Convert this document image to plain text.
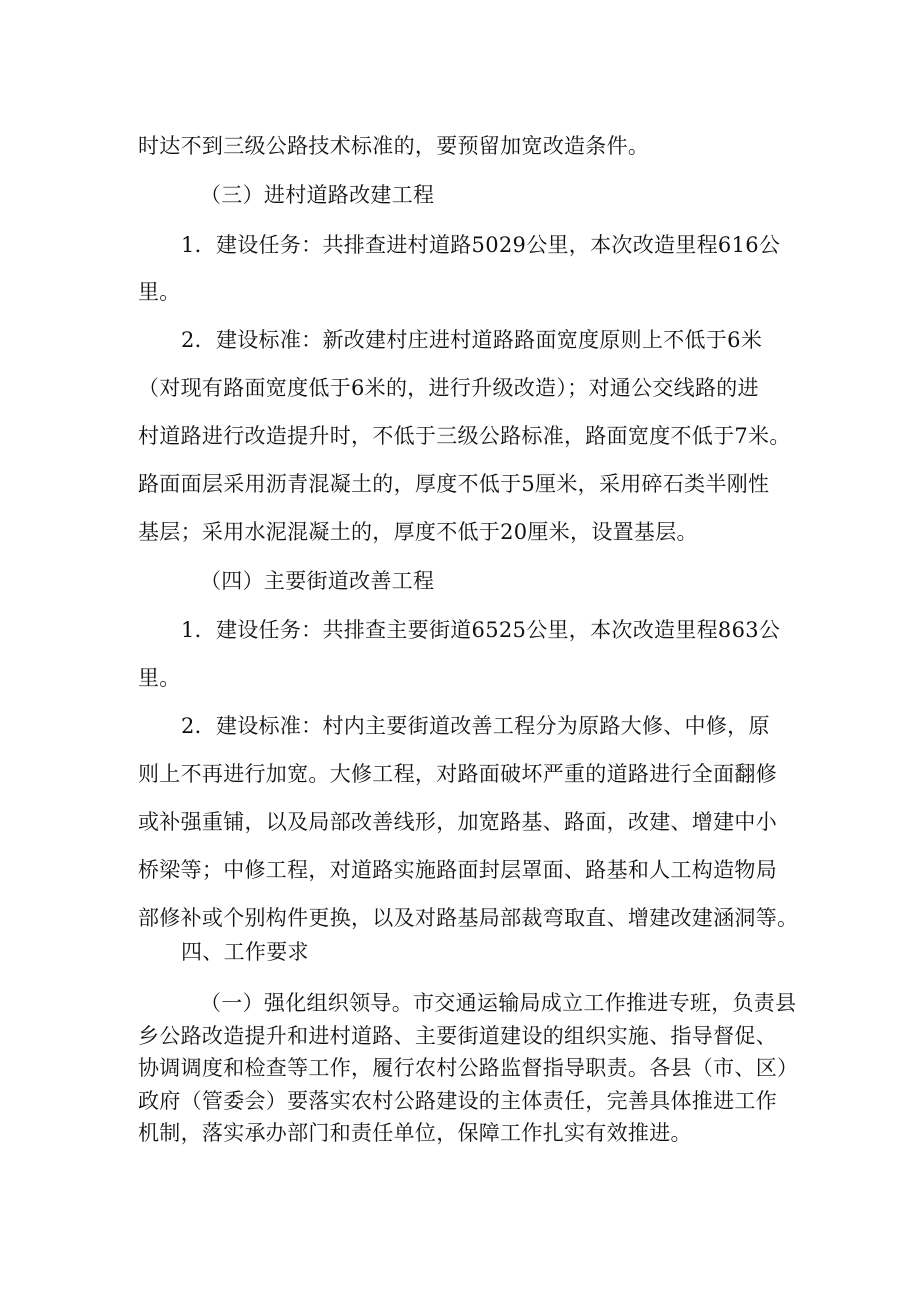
时达不到三级公路技术标准的，要预留加宽改造条件。
（三）进村道路改建工程
1．建设任务：共排查进村道路5029公里，本次改造里程616公
里。
2．建设标准：新改建村庄进村道路路面宽度原则上不低于6米
（对现有路面宽度低于6米的，进行升级改造）；对通公交线路的进
村道路进行改造提升时，不低于三级公路标准，路面宽度不低于7米。
路面面层采用沥青混凝土的，厚度不低于5厘米，采用碎石类半刚性
基层；采用水泥混凝土的，厚度不低于20厘米，设置基层。
（四）主要街道改善工程
1．建设任务：共排查主要街道6525公里，本次改造里程863公
里。
2．建设标准：村内主要街道改善工程分为原路大修、中修，原
则上不再进行加宽。大修工程，对路面破坏严重的道路进行全面翻修
或补强重铺，以及局部改善线形，加宽路基、路面，改建、增建中小
桥梁等；中修工程，对道路实施路面封层罩面、路基和人工构造物局
部修补或个别构件更换，以及对路基局部裁弯取直、增建改建涵洞等。
四、工作要求
（一）强化组织领导。市交通运输局成立工作推进专班，负责县
乡公路改造提升和进村道路、主要街道建设的组织实施、指导督促、
协调调度和检查等工作，履行农村公路监督指导职责。各县（市、区）
政府（管委会）要落实农村公路建设的主体责任，完善具体推进工作
机制，落实承办部门和责任单位，保障工作扎实有效推进。
